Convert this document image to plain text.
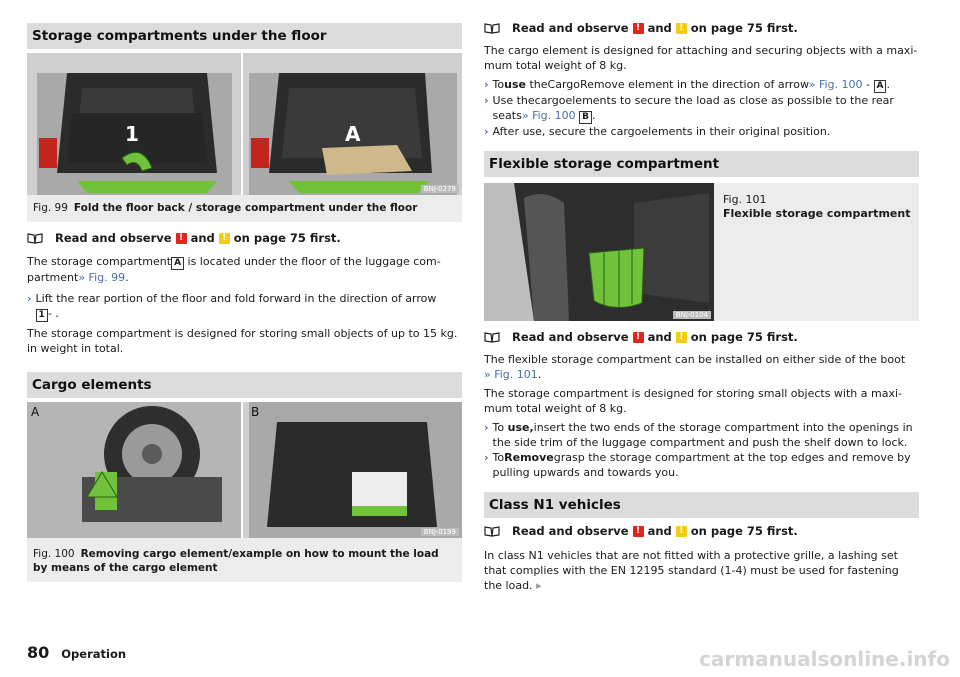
Storage compartments under the floor
1	A
BNJ-0279
Fig. 99 Fold the floor back / storage compartment under the floor
Read and observe ! and ! on page 75 first.

The storage compartment A is located under the floor of the luggage com-partment» Fig. 99.

› Lift the rear portion of the floor and fold forward in the direction of arrow
1 - .

The storage compartment is designed for storing small objects of up to 15 kg. in weight in total.

Cargo elements
A	B
BNJ-0199
Fig. 100 Removing cargo element/example on how to mount the load by means of the cargo element
Read and observe ! and ! on page 75 first.

The cargo element is designed for attaching and securing objects with a maxi-mum total weight of 8 kg.

› Touse theCargoRemove element in the direction of arrow» Fig. 100 - A .
› Use thecargoelements to secure the load as close as possible to the rear seats» Fig. 100 B .
› After use, secure the cargoelements in their original position.
Flexible storage compartment
BNJ-0104
Fig. 101
Flexible storage compartment
Read and observe ! and ! on page 75 first.

The flexible storage compartment can be installed on either side of the boot
» Fig. 101.

The storage compartment is designed for storing small objects with a maxi-mum total weight of 8 kg.

› To use,insert the two ends of the storage compartment into the openings in the side trim of the luggage compartment and push the shelf down to lock.
› ToRemovegrasp the storage compartment at the top edges and remove by pulling upwards and towards you.
Class N1 vehicles
Read and observe ! and ! on page 75 first.

In class N1 vehicles that are not fitted with a protective grille, a lashing set that complies with the EN 12195 standard (1-4) must be used for fastening the load. ▸

80 Operation	carmanualsonline.info
